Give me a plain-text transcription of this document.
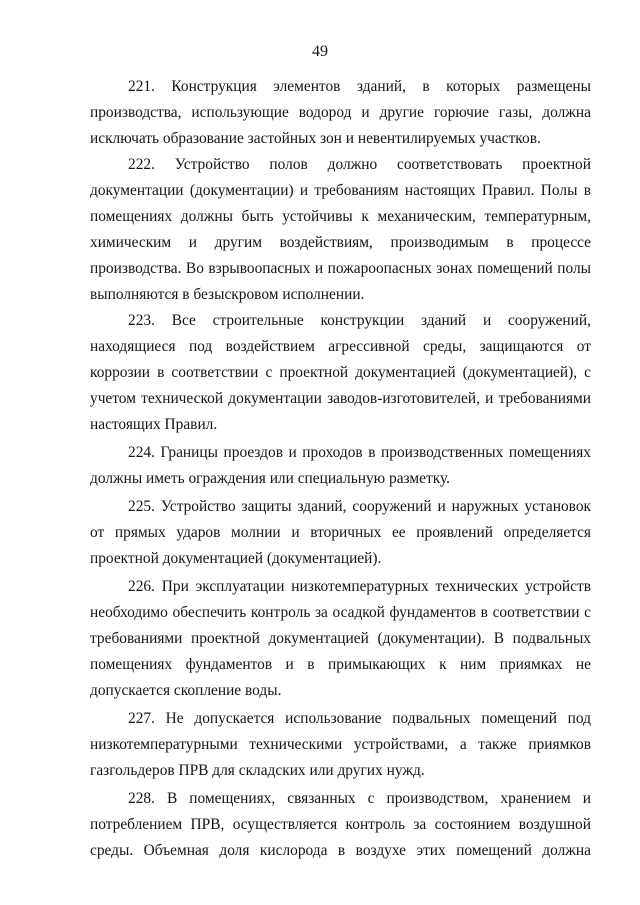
49

221. Конструкция элементов зданий, в которых размещены производства, использующие водород и другие горючие газы, должна исключать образование застойных зон и невентилируемых участков.

222. Устройство полов должно соответствовать проектной документации (документации) и требованиям настоящих Правил. Полы в помещениях должны быть устойчивы к механическим, температурным, химическим и другим воздействиям, производимым в процессе производства. Во взрывоопасных и пожароопасных зонах помещений полы выполняются в безыскровом исполнении.

223. Все строительные конструкции зданий и сооружений, находящиеся под воздействием агрессивной среды, защищаются от коррозии в соответствии с проектной документацией (документацией), с учетом технической документации заводов-изготовителей, и требованиями настоящих Правил.

224. Границы проездов и проходов в производственных помещениях должны иметь ограждения или специальную разметку.

225. Устройство защиты зданий, сооружений и наружных установок от прямых ударов молнии и вторичных ее проявлений определяется проектной документацией (документацией).

226. При эксплуатации низкотемпературных технических устройств необходимо обеспечить контроль за осадкой фундаментов в соответствии с требованиями проектной документацией (документации). В подвальных помещениях фундаментов и в примыкающих к ним приямках не допускается скопление воды.

227. Не допускается использование подвальных помещений под низкотемпературными техническими устройствами, а также приямков газгольдеров ПРВ для складских или других нужд.

228. В помещениях, связанных с производством, хранением и потреблением ПРВ, осуществляется контроль за состоянием воздушной среды. Объемная доля кислорода в воздухе этих помещений должна
